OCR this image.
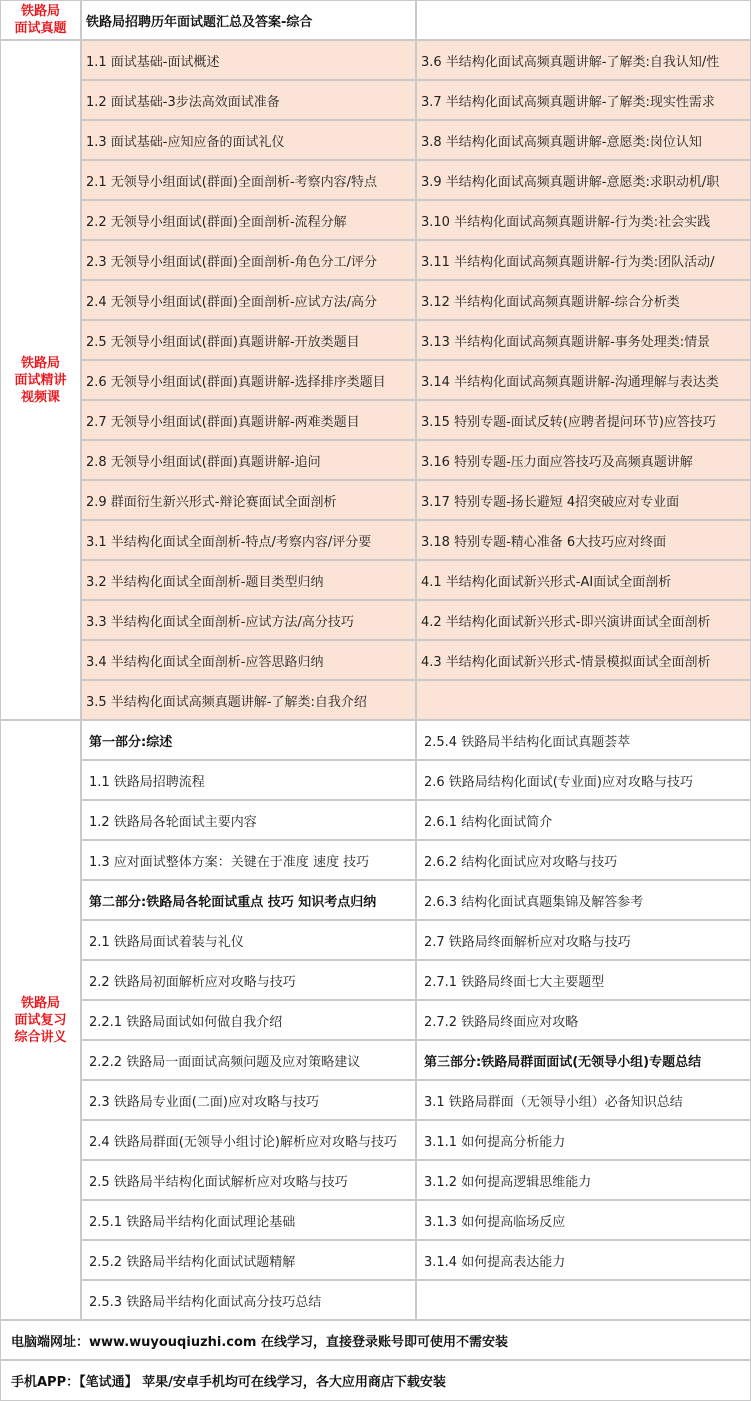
铁路局
面试真题	铁路局招聘历年面试题汇总及答案-综合
铁路局
面试精讲
视频课
1.1 面试基础-面试概述
1.2 面试基础-3步法高效面试准备
1.3 面试基础-应知应备的面试礼仪
2.1 无领导小组面试(群面)全面剖析-考察内容/特点
2.2 无领导小组面试(群面)全面剖析-流程分解
2.3 无领导小组面试(群面)全面剖析-角色分工/评分
2.4 无领导小组面试(群面)全面剖析-应试方法/高分
2.5 无领导小组面试(群面)真题讲解-开放类题目
2.6 无领导小组面试(群面)真题讲解-选择排序类题目
2.7 无领导小组面试(群面)真题讲解-两难类题目
2.8 无领导小组面试(群面)真题讲解-追问
2.9 群面衍生新兴形式-辩论赛面试全面剖析
3.1 半结构化面试全面剖析-特点/考察内容/评分要
3.2 半结构化面试全面剖析-题目类型归纳
3.3 半结构化面试全面剖析-应试方法/高分技巧
3.4 半结构化面试全面剖析-应答思路归纳
3.5 半结构化面试高频真题讲解-了解类:自我介绍
3.6 半结构化面试高频真题讲解-了解类:自我认知/性
3.7 半结构化面试高频真题讲解-了解类:现实性需求
3.8 半结构化面试高频真题讲解-意愿类:岗位认知
3.9 半结构化面试高频真题讲解-意愿类:求职动机/职
3.10 半结构化面试高频真题讲解-行为类:社会实践
3.11 半结构化面试高频真题讲解-行为类:团队活动/
3.12 半结构化面试高频真题讲解-综合分析类
3.13 半结构化面试高频真题讲解-事务处理类:情景
3.14 半结构化面试高频真题讲解-沟通理解与表达类
3.15 特别专题-面试反转(应聘者提问环节)应答技巧
3.16 特别专题-压力面应答技巧及高频真题讲解
3.17 特别专题-扬长避短 4招突破应对专业面
3.18 特别专题-精心准备 6大技巧应对终面
4.1 半结构化面试新兴形式-AI面试全面剖析
4.2 半结构化面试新兴形式-即兴演讲面试全面剖析
4.3 半结构化面试新兴形式-情景模拟面试全面剖析
铁路局
面试复习
综合讲义
第一部分:综述
1.1 铁路局招聘流程
1.2 铁路局各轮面试主要内容
1.3 应对面试整体方案：关键在于准度 速度 技巧
第二部分:铁路局各轮面试重点 技巧 知识考点归纳
2.1 铁路局面试着装与礼仪
2.2 铁路局初面解析应对攻略与技巧
2.2.1 铁路局面试如何做自我介绍
2.2.2 铁路局一面面试高频问题及应对策略建议
2.3 铁路局专业面(二面)应对攻略与技巧
2.4 铁路局群面(无领导小组讨论)解析应对攻略与技巧
2.5 铁路局半结构化面试解析应对攻略与技巧
2.5.1 铁路局半结构化面试理论基础
2.5.2 铁路局半结构化面试试题精解
2.5.3 铁路局半结构化面试高分技巧总结
2.5.4 铁路局半结构化面试真题荟萃
2.6 铁路局结构化面试(专业面)应对攻略与技巧
2.6.1 结构化面试简介
2.6.2 结构化面试应对攻略与技巧
2.6.3 结构化面试真题集锦及解答参考
2.7 铁路局终面解析应对攻略与技巧
2.7.1 铁路局终面七大主要题型
2.7.2 铁路局终面应对攻略
第三部分:铁路局群面面试(无领导小组)专题总结
3.1 铁路局群面（无领导小组）必备知识总结
3.1.1 如何提高分析能力
3.1.2 如何提高逻辑思维能力
3.1.3 如何提高临场反应
3.1.4 如何提高表达能力
电脑端网址：www.wuyouqiuzhi.com 在线学习，直接登录账号即可使用不需安装
手机APP：【笔试通】 苹果/安卓手机均可在线学习，各大应用商店下载安装
